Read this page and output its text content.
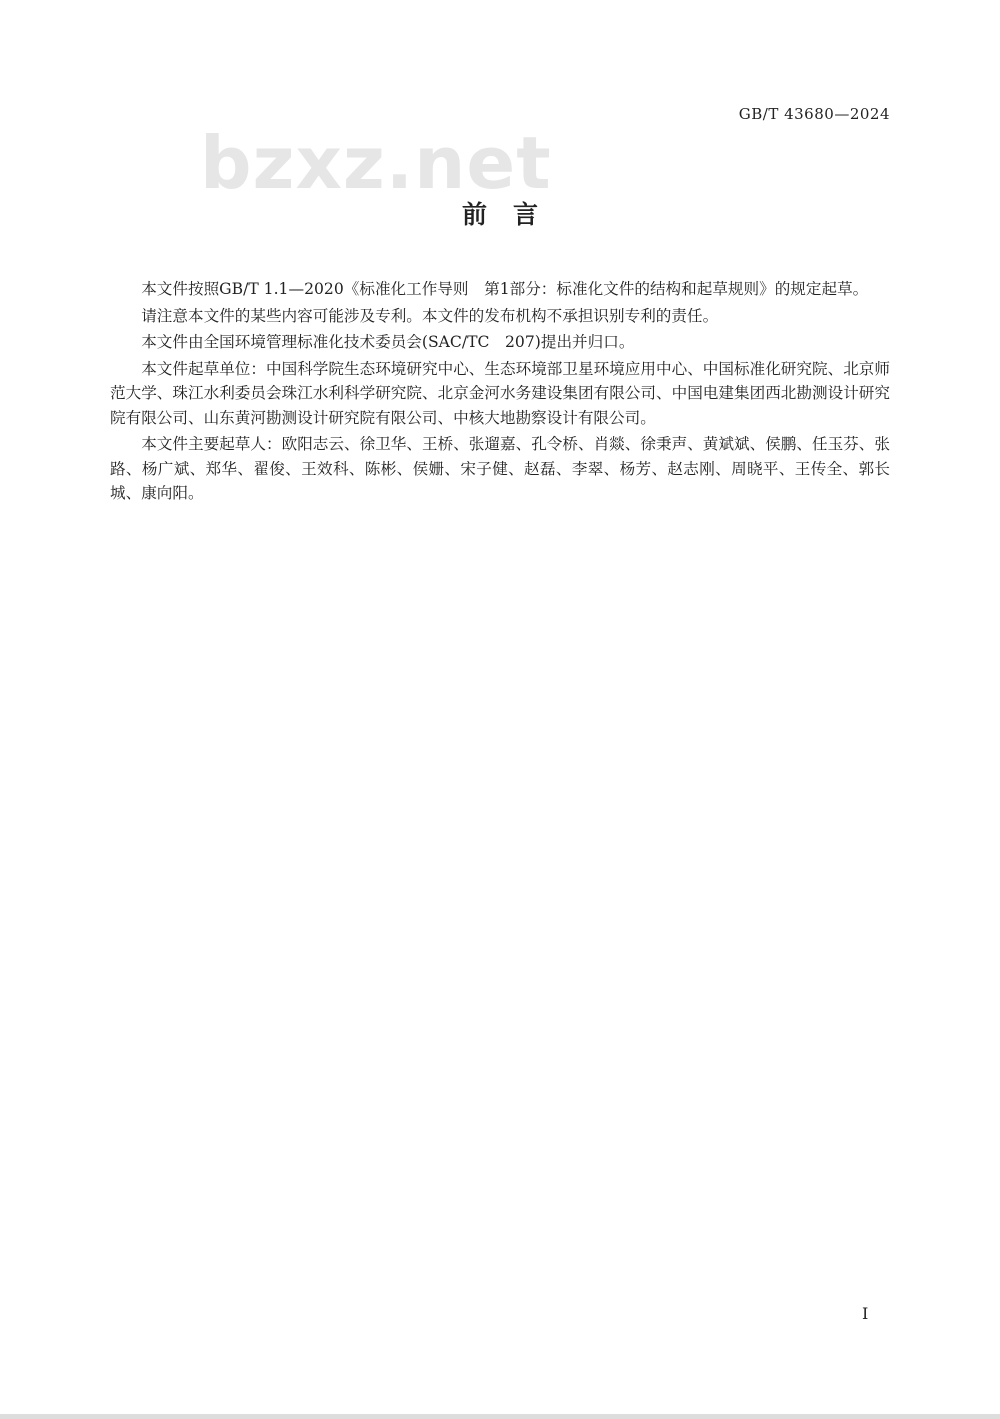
GB/T 43680—2024
bzxz.net
前言

本文件按照GB/T 1.1—2020《标准化工作导则　第1部分：标准化文件的结构和起草规则》的规定起草。

请注意本文件的某些内容可能涉及专利。本文件的发布机构不承担识别专利的责任。

本文件由全国环境管理标准化技术委员会(SAC/TC　207)提出并归口。

本文件起草单位：中国科学院生态环境研究中心、生态环境部卫星环境应用中心、中国标准化研究院、北京师范大学、珠江水利委员会珠江水利科学研究院、北京金河水务建设集团有限公司、中国电建集团西北勘测设计研究院有限公司、山东黄河勘测设计研究院有限公司、中核大地勘察设计有限公司。

本文件主要起草人：欧阳志云、徐卫华、王桥、张遛嘉、孔令桥、肖燚、徐秉声、黄斌斌、侯鹏、任玉芬、张路、杨广斌、郑华、翟俊、王效科、陈彬、侯姗、宋子健、赵磊、李翠、杨芳、赵志刚、周晓平、王传全、郭长城、康向阳。

I
